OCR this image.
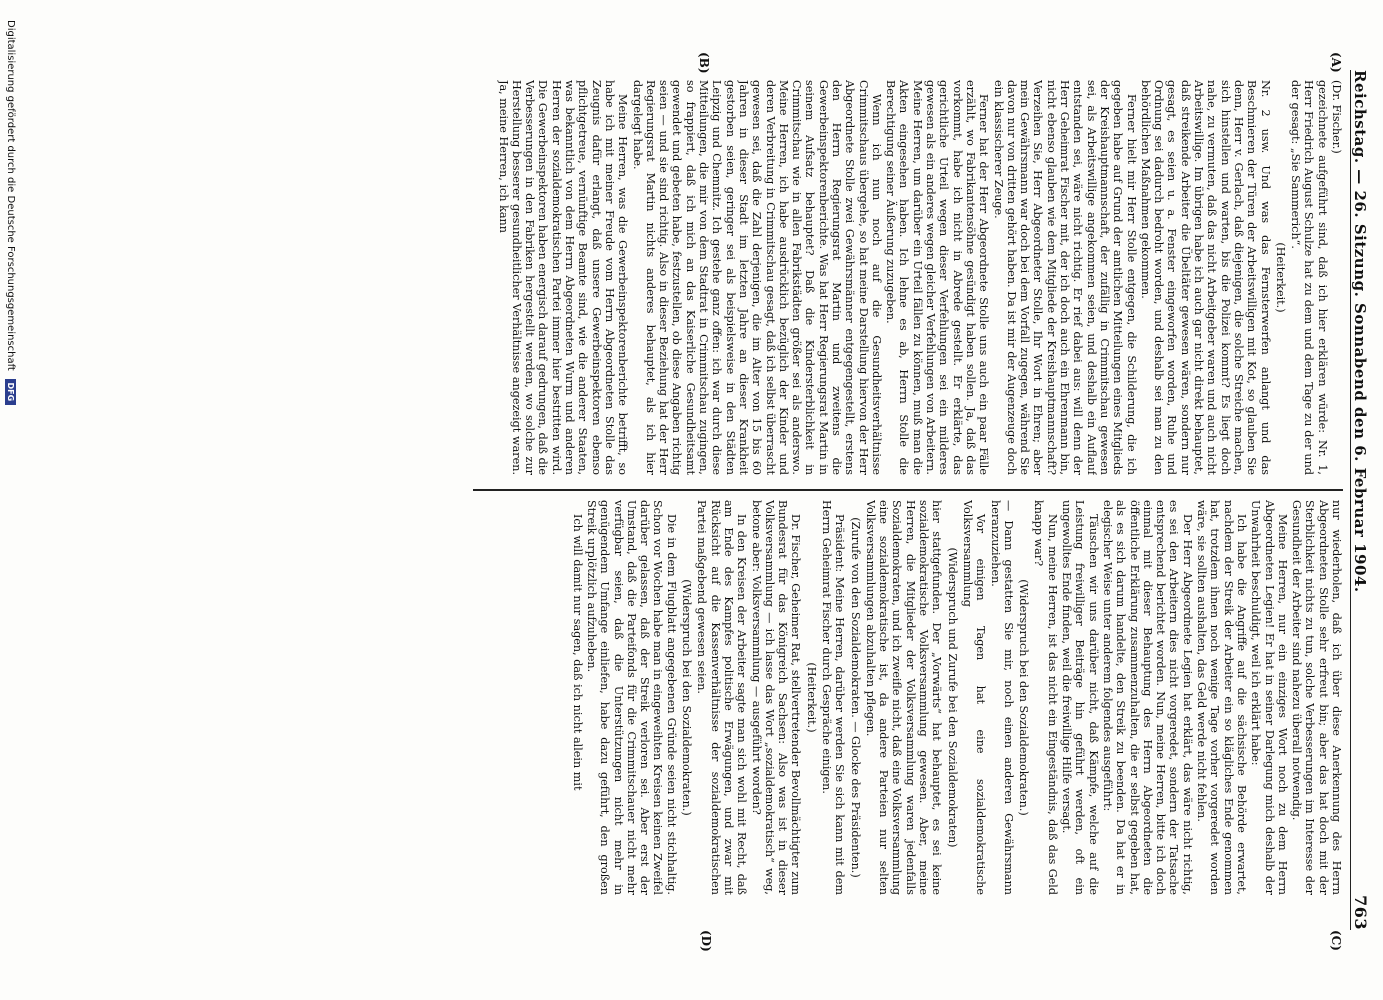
Reichstag. — 26. Sitzung. Sonnabend den 6. Februar 1904.
763
(A)
(B)
(C)
(D)

(Dr. Fischer.)

gezeichnete aufgeführt sind, daß ich hier erklären würde: Nr. 1, Herr Friedrich August Schulze hat zu dem und dem Tage zu der und der gesagt: „Sie Sammerich“.

(Heiterkeit.)

Nr. 2 usw. Und was das Fernsterwerfen anlangt und das Beschmieren der Türen der Arbeitswilligen mit Kot, so glauben Sie denn, Herr v. Gerlach, daß diejenigen, die solche Streiche machen, sich hinstellen und warten, bis die Polizei kommt? Es liegt doch nahe, zu vermuten, daß das nicht Arbeitgeber waren und auch nicht Arbeitswillige. Im übrigen habe ich auch gar nicht direkt behauptet, daß streikende Arbeiter die Übeltäter gewesen wären, sondern nur gesagt, es seien u. a. Fenster eingeworfen worden, Ruhe und Ordnung sei dadurch bedroht worden, und deshalb sei man zu den behördlichen Maßnahmen gekommen.

Ferner hielt mir Herr Stolle entgegen, die Schilderung, die ich gegeben habe auf Grund der amtlichen Mitteilungen eines Mitglieds der Kreishauptmannschaft, der zufällig in Crimmitschau gewesen sei, als Arbeitswillige angekommen seien, und deshalb ein Auflauf entstanden sei, wäre nicht richtig. Er rief dabei aus: will denn der Herr Geheimrat Fischer mit, der ich doch auch ein Ehrenmann bin, nicht ebenso glauben wie dem Mitgliede der Kreishauptmannschaft? Verzeihen Sie, Herr Abgeordneter Stolle, Ihr Wort in Ehren; aber mein Gewährsmann war doch bei dem Vorfall zugegen, während Sie davon nur von dritten gehört haben. Da ist mir der Augenzeuge doch ein klassischerer Zeuge.

Ferner hat der Herr Abgeordnete Stolle uns auch ein paar Fälle erzählt, wo Fabrikantensöhne gesündigt haben sollen. Ja, daß das vorkommt, habe ich nicht in Abrede gestellt. Er erklärte, das gerichtliche Urteil wegen dieser Verfehlungen sei ein milderes gewesen als ein anderes wegen gleicher Verfehlungen von Arbeitern. Meine Herren, um darüber ein Urteil fällen zu können, muß man die Akten eingesehen haben. Ich lehne es ab, Herrn Stolle die Berechtigung seiner Äußerung zuzugeben.

Wenn ich nun noch auf die Gesundheitsverhältnisse Crimmitschaus übergehe, so hat meine Darstellung hiervon der Herr Abgeordnete Stolle zwei Gewährsmänner entgegengestellt, erstens den Herrn Regierungsrat Martin und zweitens die Gewerbeinspektorenberichte. Was hat Herr Regierungsrat Martin in seinem Aufsatz behauptet? Daß die Kindersterblichkeit in Crimmitschau wie in allen Fabrikstädten größer sei als anderswo. Meine Herren, ich habe ausdrücklich bezüglich der Kinder und deren Verbreitung in Crimmitschau gesagt, daß ich selbst überrascht gewesen sei, daß die Zahl derjenigen, die im Alter von 15 bis 60 Jahren in dieser Stadt im letzten Jahre an dieser Krankheit gestorben seien, geringer sei als beispielsweise in den Städten Leipzig und Chemnitz. Ich gestehe ganz offen: ich war durch diese Mitteilungen, die mir von dem Stadtrat in Crimmitschau zugingen, so frappiert, daß ich mich an das Kaiserliche Gesundheitsamt gewendet und gebeten habe, festzustellen, ob diese Angaben richtig seien — und sie sind richtig. Also in dieser Beziehung hat der Herr Regierungsrat Martin nichts anderes behauptet, als ich hier dargelegt habe.

Meine Herren, was die Gewerbeinspektorenberichte betrifft, so habe ich mit meiner Freude vom Herrn Abgeordneten Stolle das Zeugnis dafür erlangt, daß unsere Gewerbeinspektoren ebenso pflichtgetreue, vernünftige Beamte sind, wie die anderer Staaten, was bekanntlich von dem Herrn Abgeordneten Wurm und anderen Herren der sozialdemokratischen Partei immer hier bestritten wird. Die Gewerbeinspektoren haben energisch darauf gedrungen, daß die Verbesserungen in den Fabriken hergestellt werden, wo solche zur Herstellung besserer gesundheitlicher Verhältnisse angezeigt waren. Ja, meine Herren, ich kann

nur wiederholen, daß ich über diese Anerkennung des Herrn Abgeordneten Stolle sehr erfreut bin; aber das hat doch mit der Sterblichkeit nichts zu tun, solche Verbesserungen im Interesse der Gesundheit der Arbeiter sind nahezu überall notwendig.

Meine Herren, nur ein einziges Wort noch zu dem Herrn Abgeordneten Legien! Er hat in seiner Darlegung mich deshalb der Unwahrheit beschuldigt, weil ich erklärt habe:

Ich habe die Angriffe auf die sächsische Behörde erwartet, nachdem der Streik der Arbeiter ein so klägliches Ende genommen hat, trotzdem ihnen noch wenige Tage vorher vorgeredet worden wäre, sie sollten aushalten, das Geld werde nicht fehlen.

Der Herr Abgeordnete Legien hat erklärt, das wäre nicht richtig, es sei den Arbeitern dies nicht vorgeredet, sondern der Tatsache entsprechend berichtet worden. Nun, meine Herren, bitte ich doch einmal mit dieser Behauptung des Herrn Abgeordneten die öffentliche Erklärung zusammenzuhalten, die er selbst gegeben hat, als es sich darum handelte, den Streik zu beenden. Da hat er in elegischer Weise unter anderem folgendes ausgeführt:

Täuschen wir uns darüber nicht, daß Kämpfe, welche auf die Leistung freiwilliger Beiträge hin geführt werden, oft ein ungewolltes Ende finden, weil die freiwillige Hilfe versagt.

Nun, meine Herren, ist das nicht ein Eingeständnis, daß das Geld knapp war?

(Widerspruch bei den Sozialdemokraten.)

— Dann gestatten Sie mir, noch einen anderen Gewährsmann heranzuziehen.

Vor einigen Tagen hat eine sozialdemokratische Volksversammlung

(Widerspruch und Zurufe bei den Sozialdemokraten)

hier stattgefunden. Der „Vorwärts“ hat behauptet, es sei keine sozialdemokratische Volksversammlung gewesen. Aber, meine Herren, die Mitglieder der Volksversammlung waren jedenfalls Sozialdemokraten, und ich zweifle nicht, daß eine Volksversammlung eine sozialdemokratische ist, da andere Parteien nur selten Volksversammlungen abzuhalten pflegen.

(Zurufe von den Sozialdemokraten. — Glocke des Präsidenten.)

Präsident: Meine Herren, darüber werden Sie sich kann mit dem Herrn Geheimrat Fischer durch Gespräche einigen.

(Heiterkeit.)

Dr. Fischer, Geheimer Rat, stellvertretender Bevollmächtigter zum Bundesrat für das Königreich Sachsen: Also was ist in dieser Volksversammlung — ich lasse das Wort „sozialdemokratisch“ weg, betone aber: Volksversammlung — ausgeführt worden?

In den Kreisen der Arbeiter sagte man sich wohl mit Recht, daß am Ende des Kampfes politische Erwägungen, und zwar mit Rücksicht auf die Kassenverhältnisse der sozialdemokratischen Partei maßgebend gewesen seien.

(Widerspruch bei den Sozialdemokraten.)

Die in dem Flugblatt angegebenen Gründe seien nicht stichhaltig. Schon vor Wochen habe man in eingeweihten Kreisen keinen Zweifel darüber gelassen, daß der Streik verloren sei. Aber erst der Umstand, daß die Parteifonds für die Crimmitschauer nicht mehr verfügbar seien, daß die Unterstützungen nicht mehr in genügendem Umfange einliefen, habe dazu geführt, den großen Streik urplötzlich aufzuheben.

Ich will damit nur sagen, daß ich nicht allein mit

Digitalisierung gefördert durch die Deutsche Forschungsgemeinschaft
DFG
